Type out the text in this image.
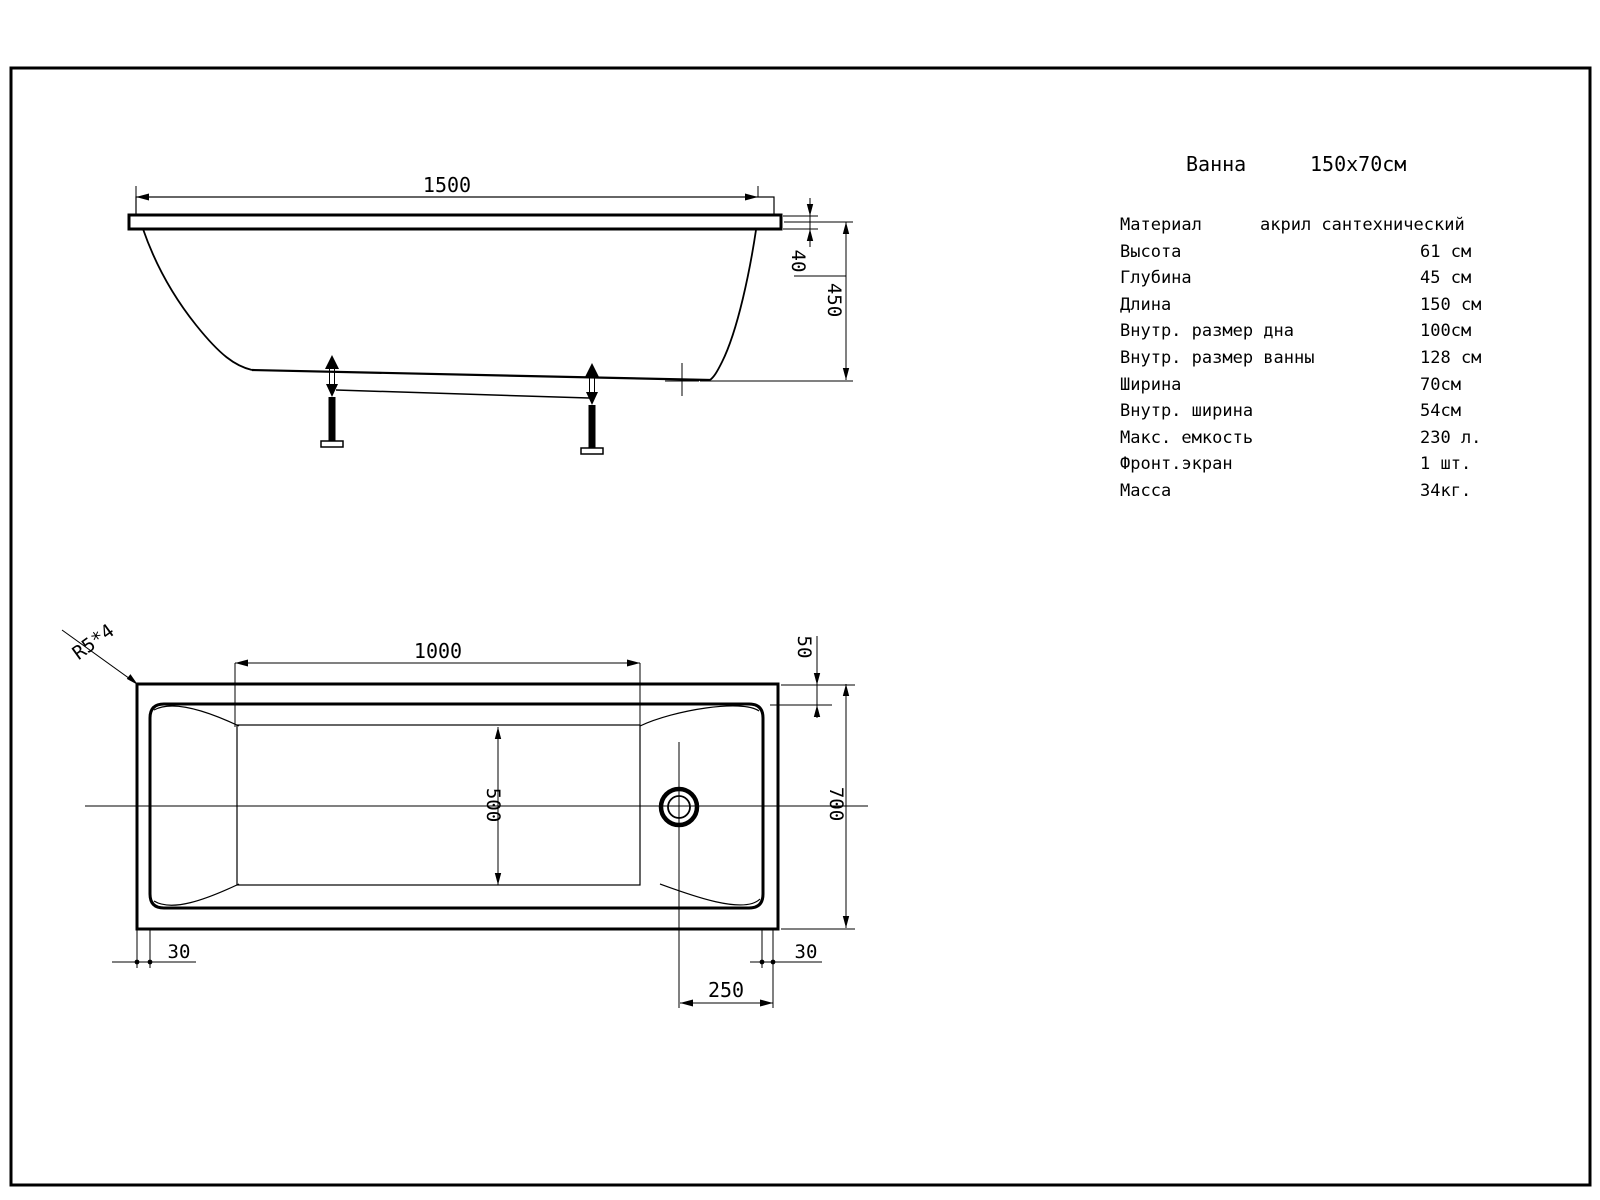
1500
40
450
1000
500
50
700
30	30
250
R5*4
Ванна	150x70см
Материал	акрил сантехнический
Высота	61 см
Глубина	45 см
Длина	150 см
Внутр. размер дна	100см
Внутр. размер ванны	128 см
Ширина	70см
Внутр. ширина	54см
Макс. емкость	230 л.
Фронт.экран	1 шт.
Масса	34кг.
